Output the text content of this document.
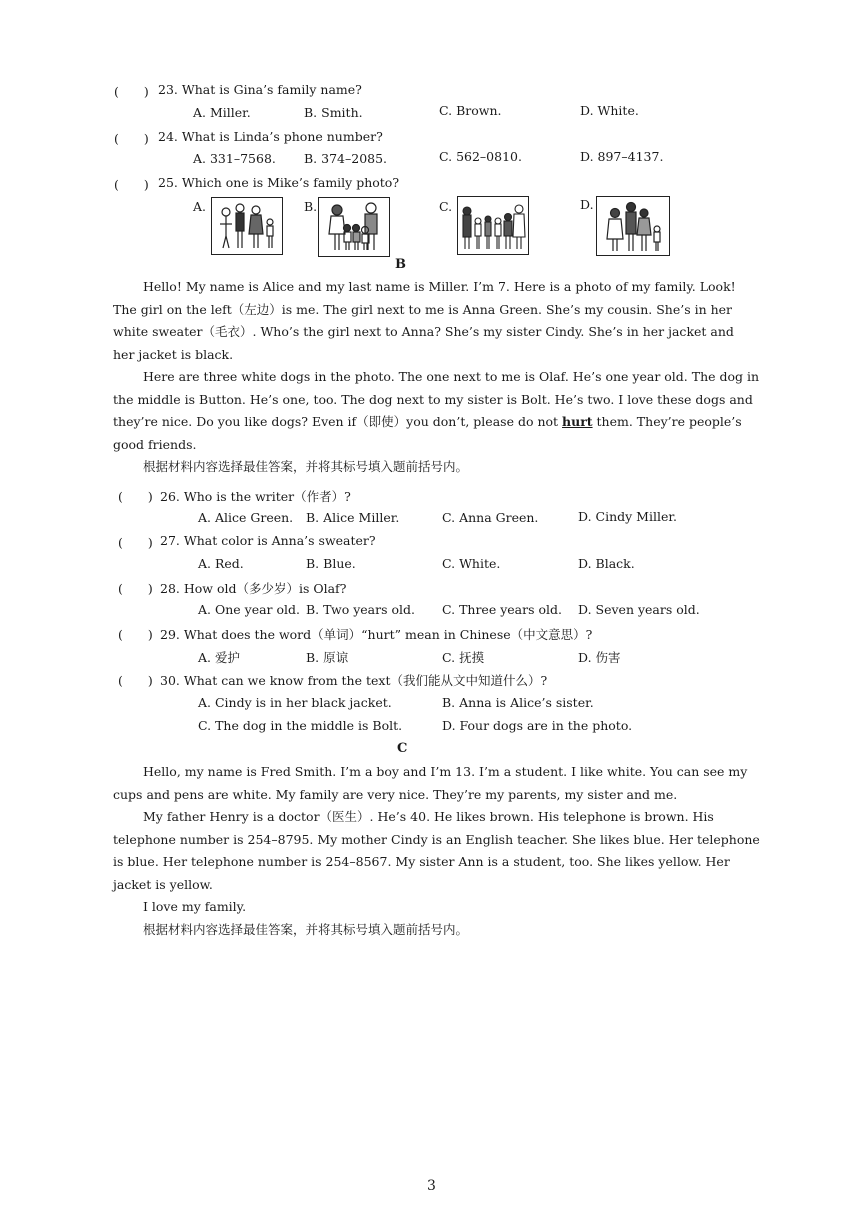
(　　) 23. What is Gina’s family name?
A. Miller.	B. Smith.	C. Brown.	D. White.
(　　) 24. What is Linda’s phone number?
A. 331–7568. B. 374–2085.	C. 562–0810.	D. 897–4137.
(　　) 25. Which one is Mike’s family photo?
A.	B.	C.	D.
B
Hello! My name is Alice and my last name is Miller. I’m 7. Here is a photo of my family. Look!
The girl on the left（左边）is me. The girl next to me is Anna Green. She’s my cousin. She’s in her
white sweater（毛衣）. Who’s the girl next to Anna? She’s my sister Cindy. She’s in her jacket and
her jacket is black.
Here are three white dogs in the photo. The one next to me is Olaf. He’s one year old. The dog in
the middle is Button. He’s one, too. The dog next to my sister is Bolt. He’s two. I love these dogs and
they’re nice. Do you like dogs? Even if（即使）you don’t, please do not hurt them. They’re people’s
good friends.
根据材料内容选择最佳答案，并将其标号填入题前括号内。
(　　) 26. Who is the writer（作者）?
A. Alice Green. B. Alice Miller.	C. Anna Green.	D. Cindy Miller.
(　　) 27. What color is Anna’s sweater?
A. Red.	B. Blue.	C. White.	D. Black.
(　　) 28. How old（多少岁）is Olaf?
A. One year old. B. Two years old. C. Three years old. D. Seven years old.
(　　) 29. What does the word（单词）“hurt” mean in Chinese（中文意思）?
A. 爱护	B. 原谅	C. 抚摸	D. 伤害
(　　) 30. What can we know from the text（我们能从文中知道什么）?
A. Cindy is in her black jacket.	B. Anna is Alice’s sister.
C. The dog in the middle is Bolt.	D. Four dogs are in the photo.
C
Hello, my name is Fred Smith. I’m a boy and I’m 13. I’m a student. I like white. You can see my
cups and pens are white. My family are very nice. They’re my parents, my sister and me.
My father Henry is a doctor（医生）. He’s 40. He likes brown. His telephone is brown. His
telephone number is 254–8795. My mother Cindy is an English teacher. She likes blue. Her telephone
is blue. Her telephone number is 254–8567. My sister Ann is a student, too. She likes yellow. Her
jacket is yellow.
I love my family.
根据材料内容选择最佳答案，并将其标号填入题前括号内。
3
